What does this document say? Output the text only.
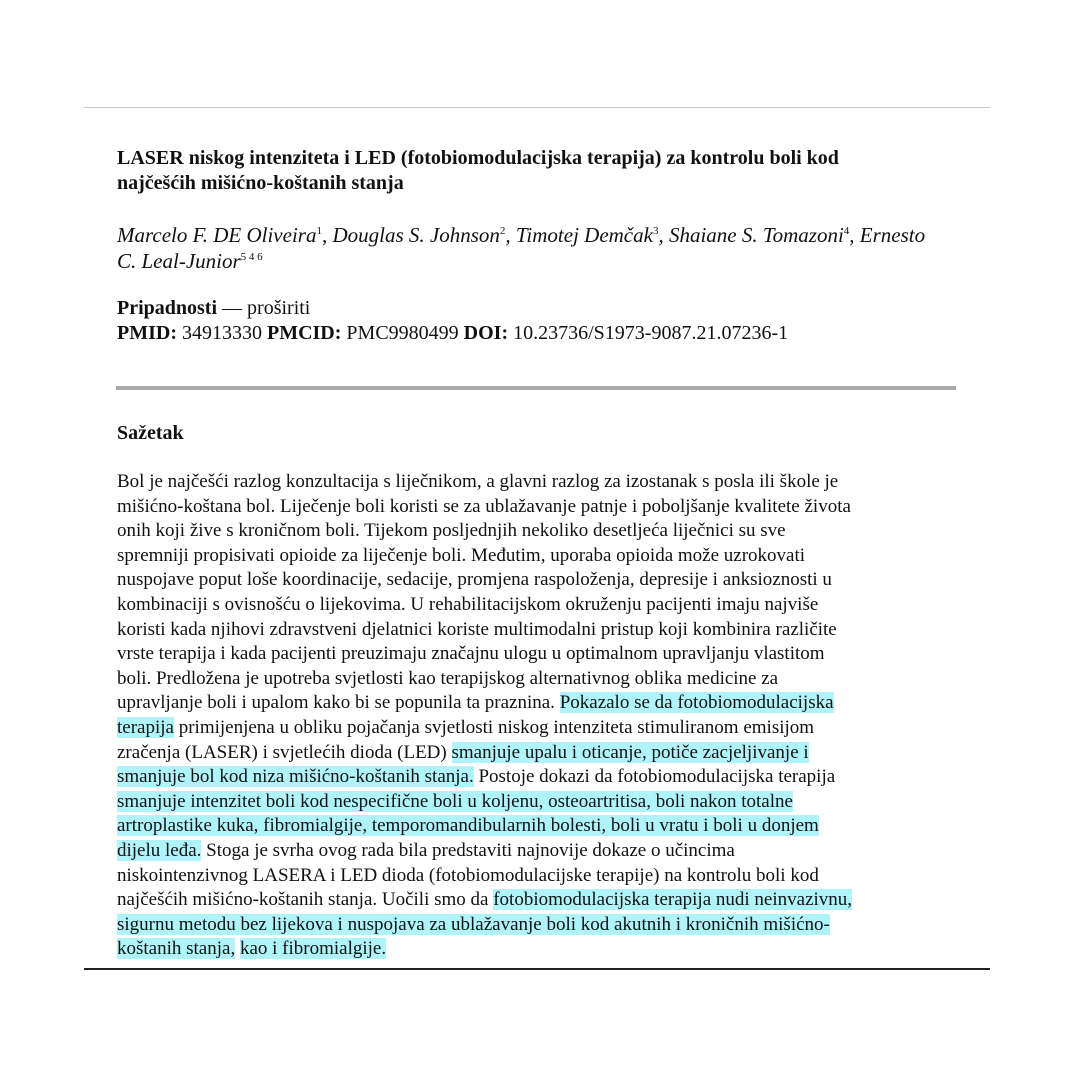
LASER niskog intenziteta i LED (fotobiomodulacijska terapija) za kontrolu boli kod
najčešćih mišićno-koštanih stanja
Marcelo F. DE Oliveira$^1$, Douglas S. Johnson$^2$, Timotej Demčak$^3$, Shaiane S. Tomazoni$^4$, Ernesto
C. Leal-Junior$^{5 4 6}$
Pripadnosti — proširiti
PMID: 34913330 PMCID: PMC9980499 DOI: 10.23736/S1973-9087.21.07236-1
Sažetak
Bol je najčešći razlog konzultacija s liječnikom, a glavni razlog za izostanak s posla ili škole je
mišićno-koštana bol. Liječenje boli koristi se za ublažavanje patnje i poboljšanje kvalitete života
onih koji žive s kroničnom boli. Tijekom posljednjih nekoliko desetljeća liječnici su sve
spremniji propisivati opioide za liječenje boli. Međutim, uporaba opioida može uzrokovati
nuspojave poput loše koordinacije, sedacije, promjena raspoloženja, depresije i anksioznosti u
kombinaciji s ovisnošću o lijekovima. U rehabilitacijskom okruženju pacijenti imaju najviše
koristi kada njihovi zdravstveni djelatnici koriste multimodalni pristup koji kombinira različite
vrste terapija i kada pacijenti preuzimaju značajnu ulogu u optimalnom upravljanju vlastitom
boli. Predložena je upotreba svjetlosti kao terapijskog alternativnog oblika medicine za
upravljanje boli i upalom kako bi se popunila ta praznina. Pokazalo se da fotobiomodulacijska
terapija primijenjena u obliku pojačanja svjetlosti niskog intenziteta stimuliranom emisijom
zračenja (LASER) i svjetlećih dioda (LED) smanjuje upalu i oticanje, potiče zacjeljivanje i
smanjuje bol kod niza mišićno-koštanih stanja. Postoje dokazi da fotobiomodulacijska terapija
smanjuje intenzitet boli kod nespecifične boli u koljenu, osteoartritisa, boli nakon totalne
artroplastike kuka, fibromialgije, temporomandibularnih bolesti, boli u vratu i boli u donjem
dijelu leđa. Stoga je svrha ovog rada bila predstaviti najnovije dokaze o učincima
niskointenzivnog LASERA i LED dioda (fotobiomodulacijske terapije) na kontrolu boli kod
najčešćih mišićno-koštanih stanja. Uočili smo da fotobiomodulacijska terapija nudi neinvazivnu,
sigurnu metodu bez lijekova i nuspojava za ublažavanje boli kod akutnih i kroničnih mišićno-
koštanih stanja, kao i fibromialgije.
